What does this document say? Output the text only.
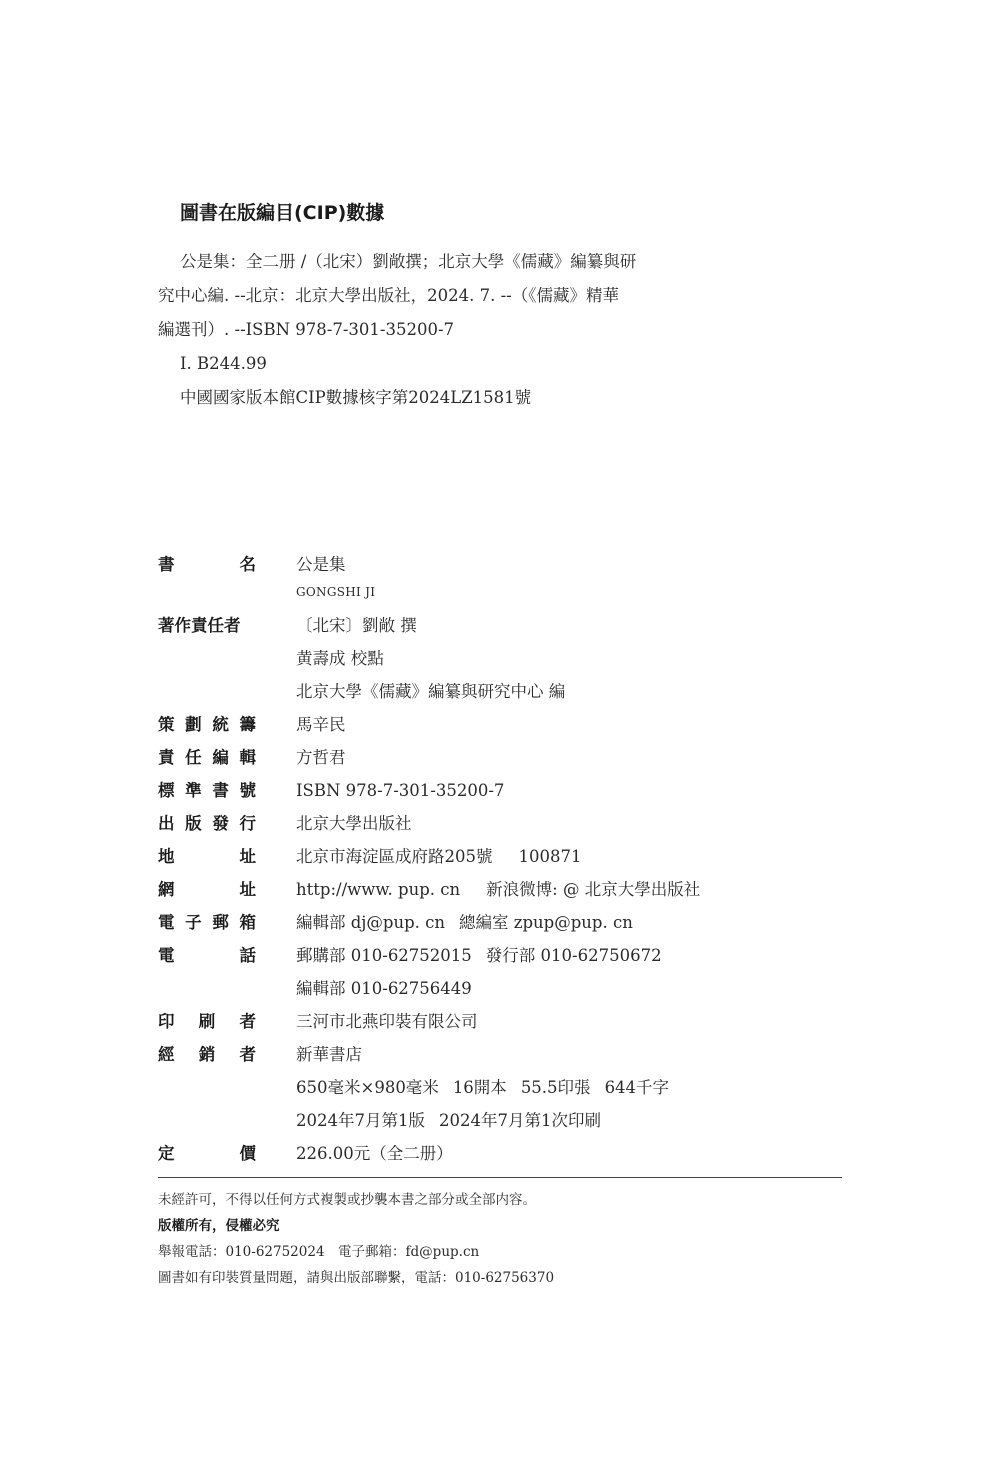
圖書在版編目(CIP)數據
公是集：全二册 /（北宋）劉敞撰；北京大學《儒藏》編纂與研
究中心編. --北京：北京大學出版社，2024. 7. --（《儒藏》精華
編選刊）. --ISBN 978-7-301-35200-7
Ⅰ. B244.99
中國國家版本館CIP數據核字第2024LZ1581號
書 名	公是集
	GONGSHI JI
著作責任者	〔北宋〕劉敞 撰
	黄壽成 校點
	北京大學《儒藏》編纂與研究中心 編

策 劃 統 籌	馬辛民

責 任 編 輯	方哲君

標 準 書 號	ISBN 978-7-301-35200-7

出 版 發 行	北京大學出版社

地 址	北京市海淀區成府路205號 100871

網 址	http://www. pup. cn 新浪微博: @ 北京大學出版社

電 子 郵 箱	編輯部 dj@pup. cn 總編室 zpup@pup. cn

電 話	郵購部 010-62752015 發行部 010-62750672
	編輯部 010-62756449

印 刷 者	三河市北燕印裝有限公司

經 銷 者	新華書店
	650毫米×980毫米 16開本 55.5印張 644千字
	2024年7月第1版 2024年7月第1次印刷

定 價	226.00元（全二册）
未經許可，不得以任何方式複製或抄襲本書之部分或全部内容。
版權所有，侵權必究
舉報電話：010-62752024　電子郵箱：fd@pup.cn
圖書如有印裝質量問題，請與出版部聯繫，電話：010-62756370
